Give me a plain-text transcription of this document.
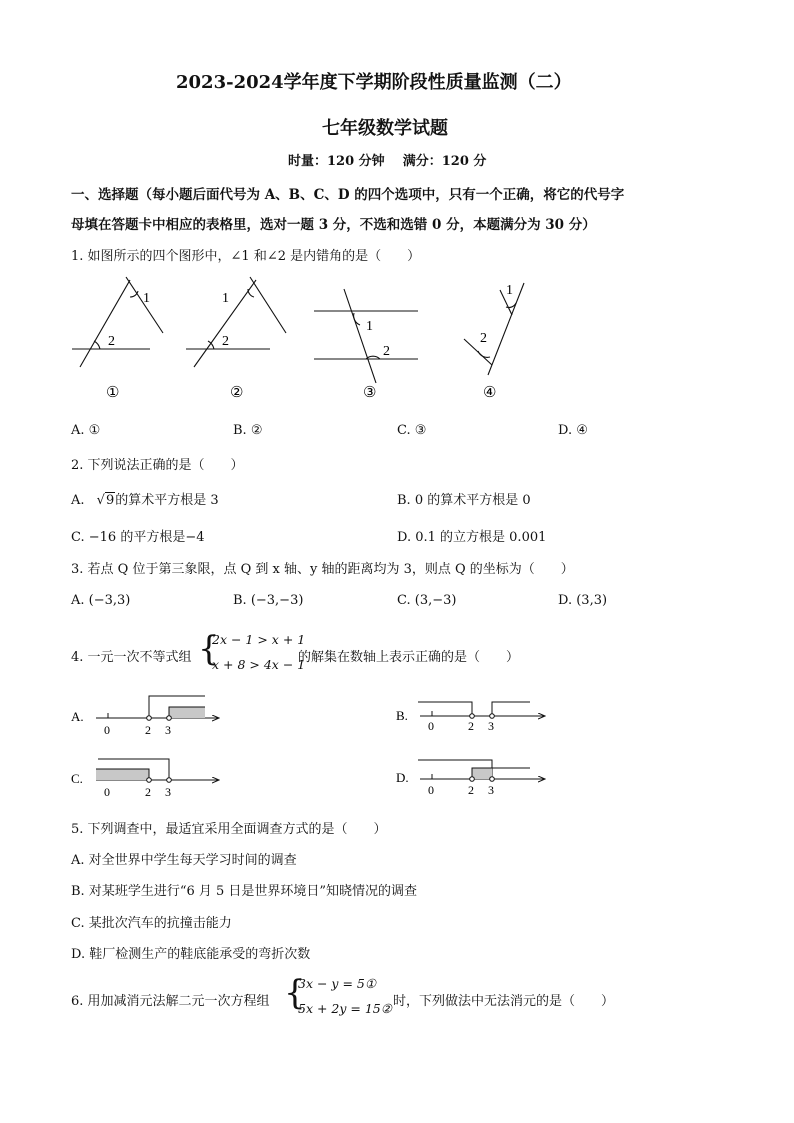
2023-2024学年度下学期阶段性质量监测（二）
七年级数学试题
时量：120 分钟    满分：120 分
一、选择题（每小题后面代号为 A、B、C、D 的四个选项中，只有一个正确，将它的代号字
母填在答题卡中相应的表格里，选对一题 3 分，不选和选错 0 分，本题满分为 30 分）
1. 如图所示的四个图形中，∠1 和∠2 是内错角的是（　　）
1
2
①
1
2
②
1
2
③
1
2
④
A. ①	B. ②	C. ③	D. ④
2. 下列说法正确的是（　　）
A. √9的算术平方根是 3	B. 0 的算术平方根是 0
C. −16 的平方根是−4	D. 0.1 的立方根是 0.001
3. 若点 Q 位于第三象限，点 Q 到 x 轴、y 轴的距离均为 3，则点 Q 的坐标为（　　）
A. (−3,3)	B. (−3,−3)	C. (3,−3)	D. (3,3)
4. 一元一次不等式组 {
2x − 1 > x + 1
x + 8 > 4x − 1
的解集在数轴上表示正确的是（　　）
A.
0	2 3
B.
0	2 3
C.
0	2 3
D.
0	2 3
5. 下列调查中，最适宜采用全面调查方式的是（　　）
A. 对全世界中学生每天学习时间的调查
B. 对某班学生进行“6 月 5 日是世界环境日”知晓情况的调查
C. 某批次汽车的抗撞击能力
D. 鞋厂检测生产的鞋底能承受的弯折次数
6. 用加减消元法解二元一次方程组 {
3x − y = 5①
5x + 2y = 15② 时，下列做法中无法消元的是（　　）
